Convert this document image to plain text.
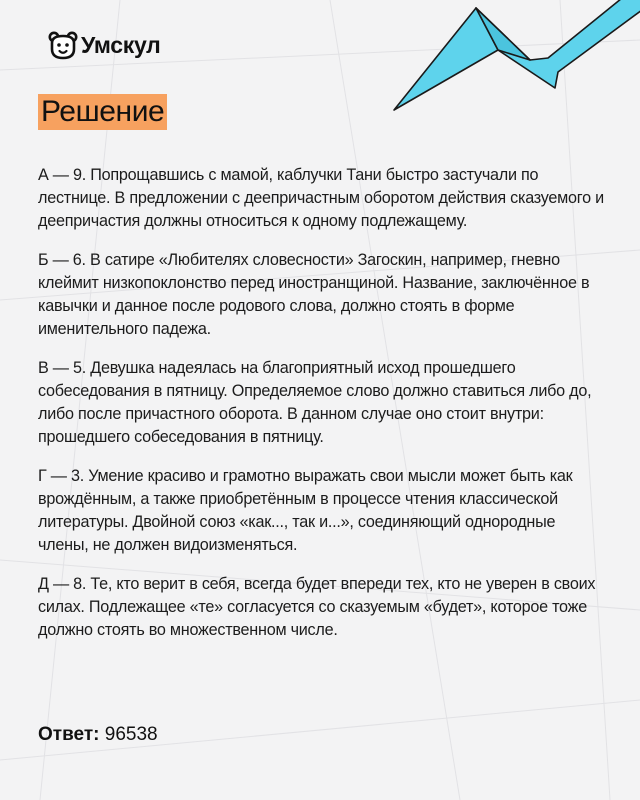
Умскул
Решение

А — 9. Попрощавшись с мамой, каблучки Тани быстро застучали по лестнице. В предложении с деепричастным оборотом действия сказуемого и деепричастия должны относиться к одному подлежащему.

Б — 6. В сатире «Любителях словесности» Загоскин, например, гневно клеймит низкопоклонство перед иностранщиной. Название, заключённое в кавычки и данное после родового слова, должно стоять в форме именительного падежа.

В — 5. Девушка надеялась на благоприятный исход прошедшего собеседования в пятницу. Определяемое слово должно ставиться либо до, либо после причастного оборота. В данном случае оно стоит внутри: прошедшего собеседования в пятницу.

Г — 3. Умение красиво и грамотно выражать свои мысли может быть как врождённым, а также приобретённым в процессе чтения классической литературы. Двойной союз «как..., так и...», соединяющий однородные члены, не должен видоизменяться.

Д — 8. Те, кто верит в себя, всегда будет впереди тех, кто не уверен в своих силах. Подлежащее «те» согласуется со сказуемым «будет», которое тоже должно стоять во множественном числе.

Ответ: 96538
